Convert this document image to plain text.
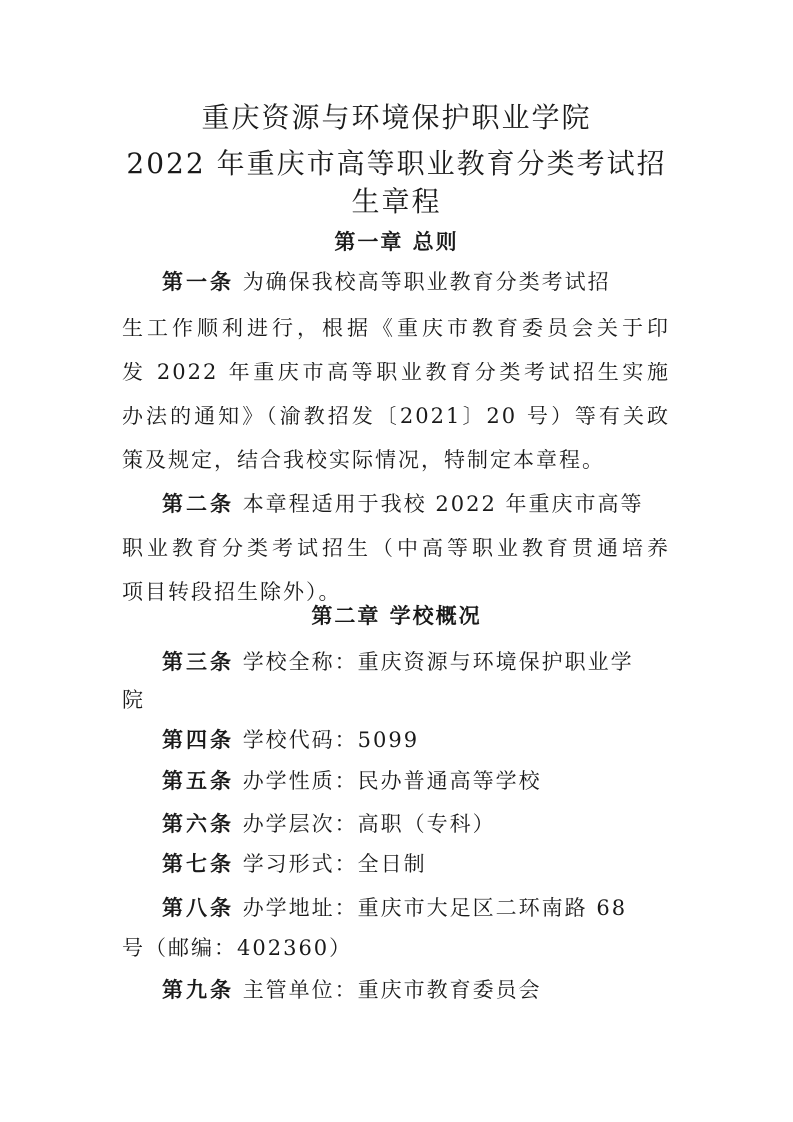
重庆资源与环境保护职业学院
2022 年重庆市高等职业教育分类考试招
生章程
第一章 总则
第一条 为确保我校高等职业教育分类考试招
生工作顺利进行，根据《重庆市教育委员会关于印
发 2022 年重庆市高等职业教育分类考试招生实施
办法的通知》（渝教招发〔2021〕20 号）等有关政
策及规定，结合我校实际情况，特制定本章程。
第二条 本章程适用于我校 2022 年重庆市高等
职业教育分类考试招生（中高等职业教育贯通培养
项目转段招生除外）。
第二章 学校概况
第三条 学校全称：重庆资源与环境保护职业学
院
第四条 学校代码：5099
第五条 办学性质：民办普通高等学校
第六条 办学层次：高职（专科）
第七条 学习形式：全日制
第八条 办学地址：重庆市大足区二环南路 68
号（邮编：402360）
第九条 主管单位：重庆市教育委员会
